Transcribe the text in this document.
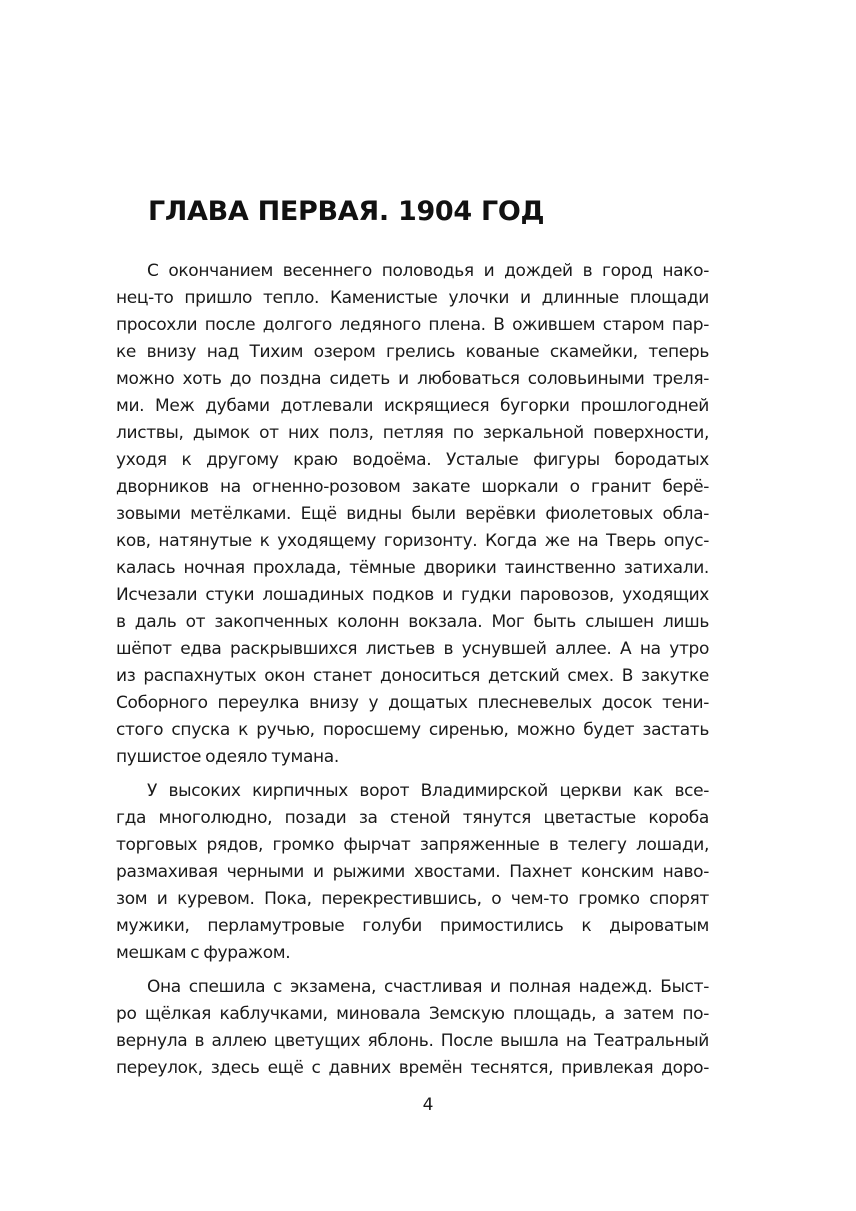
ГЛАВА ПЕРВАЯ. 1904 ГОД
С окончанием весеннего половодья и дождей в город нако-
нец-то пришло тепло. Каменистые улочки и длинные площади
просохли после долгого ледяного плена. В ожившем старом пар-
ке внизу над Тихим озером грелись кованые скамейки, теперь
можно хоть до поздна сидеть и любоваться соловьиными треля-
ми. Меж дубами дотлевали искрящиеся бугорки прошлогодней
листвы, дымок от них полз, петляя по зеркальной поверхности,
уходя к другому краю водоёма. Усталые фигуры бородатых
дворников на огненно-розовом закате шоркали о гранит берё-
зовыми метёлками. Ещё видны были верёвки фиолетовых обла-
ков, натянутые к уходящему горизонту. Когда же на Тверь опус-
калась ночная прохлада, тёмные дворики таинственно затихали.
Исчезали стуки лошадиных подков и гудки паровозов, уходящих
в даль от закопченных колонн вокзала. Мог быть слышен лишь
шёпот едва раскрывшихся листьев в уснувшей аллее. А на утро
из распахнутых окон станет доноситься детский смех. В закутке
Соборного переулка внизу у дощатых плесневелых досок тени-
стого спуска к ручью, поросшему сиренью, можно будет застать
пушистое одеяло тумана.
У высоких кирпичных ворот Владимирской церкви как все-
гда многолюдно, позади за стеной тянутся цветастые короба
торговых рядов, громко фырчат запряженные в телегу лошади,
размахивая черными и рыжими хвостами. Пахнет конским наво-
зом и куревом. Пока, перекрестившись, о чем-то громко спорят
мужики, перламутровые голуби примостились к дыроватым
мешкам с фуражом.
Она спешила с экзамена, счастливая и полная надежд. Быст-
ро щёлкая каблучками, миновала Земскую площадь, а затем по-
вернула в аллею цветущих яблонь. После вышла на Театральный
переулок, здесь ещё с давних времён теснятся, привлекая доро-
4
